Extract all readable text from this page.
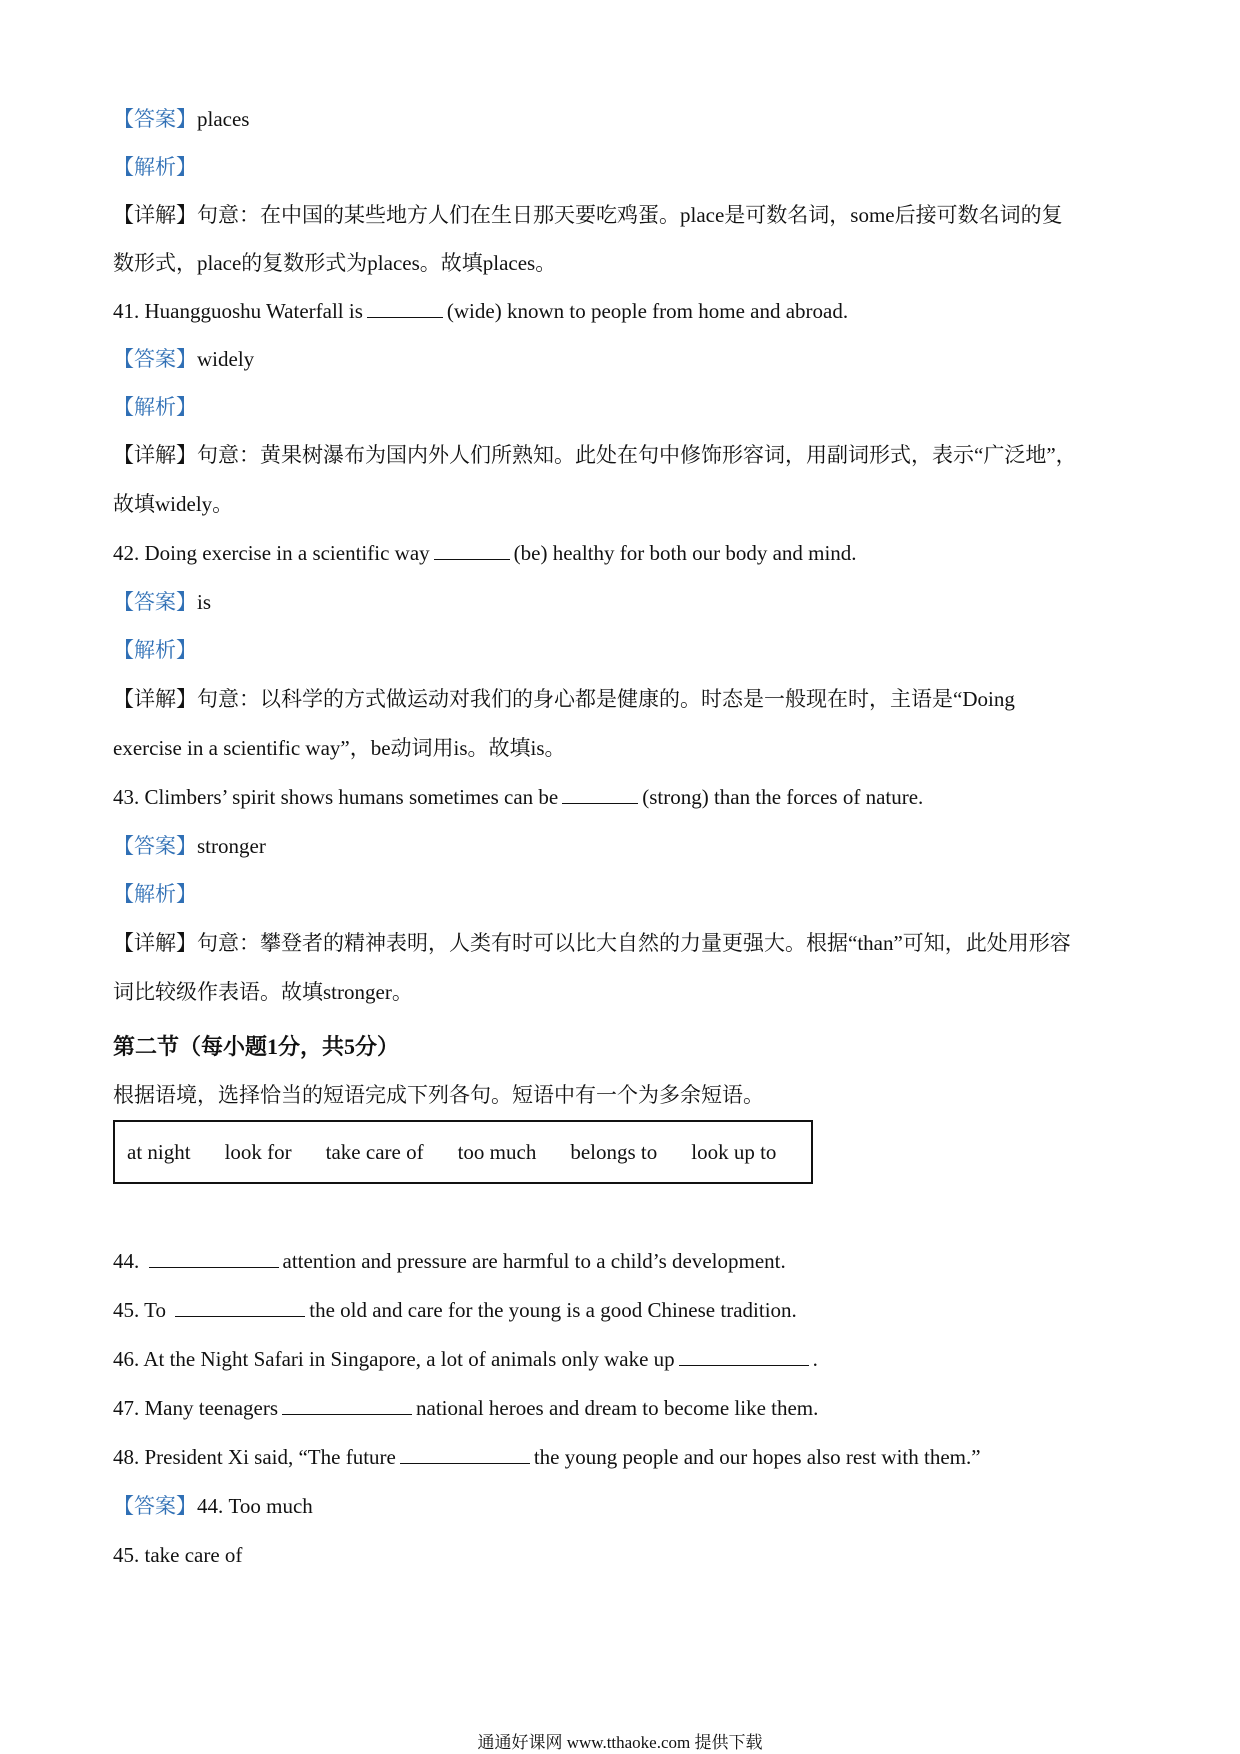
【答案】places
【解析】
【详解】句意：在中国的某些地方人们在生日那天要吃鸡蛋。place是可数名词，some后接可数名词的复
数形式，place的复数形式为places。故填places。
41. Huangguoshu Waterfall is	(wide) known to people from home and abroad.
【答案】widely
【解析】
【详解】句意：黄果树瀑布为国内外人们所熟知。此处在句中修饰形容词，用副词形式，表示“广泛地”，
故填widely。
42. Doing exercise in a scientific way	(be) healthy for both our body and mind.
【答案】is
【解析】
【详解】句意：以科学的方式做运动对我们的身心都是健康的。时态是一般现在时，主语是“Doing
exercise in a scientific way”，be动词用is。故填is。
43. Climbers’ spirit shows humans sometimes can be	(strong) than the forces of nature.
【答案】stronger
【解析】
【详解】句意：攀登者的精神表明，人类有时可以比大自然的力量更强大。根据“than”可知，此处用形容
词比较级作表语。故填stronger。
第二节（每小题1分，共5分）
根据语境，选择恰当的短语完成下列各句。短语中有一个为多余短语。
at night look for take care of too much belongs to look up to
44.	attention and pressure are harmful to a child’s development.
45. To	the old and care for the young is a good Chinese tradition.
46. At the Night Safari in Singapore, a lot of animals only wake up	.
47. Many teenagers	national heroes and dream to become like them.
48. President Xi said, “The future	the young people and our hopes also rest with them.”
【答案】44. Too much
45. take care of
通通好课网 www.tthaoke.com 提供下载
